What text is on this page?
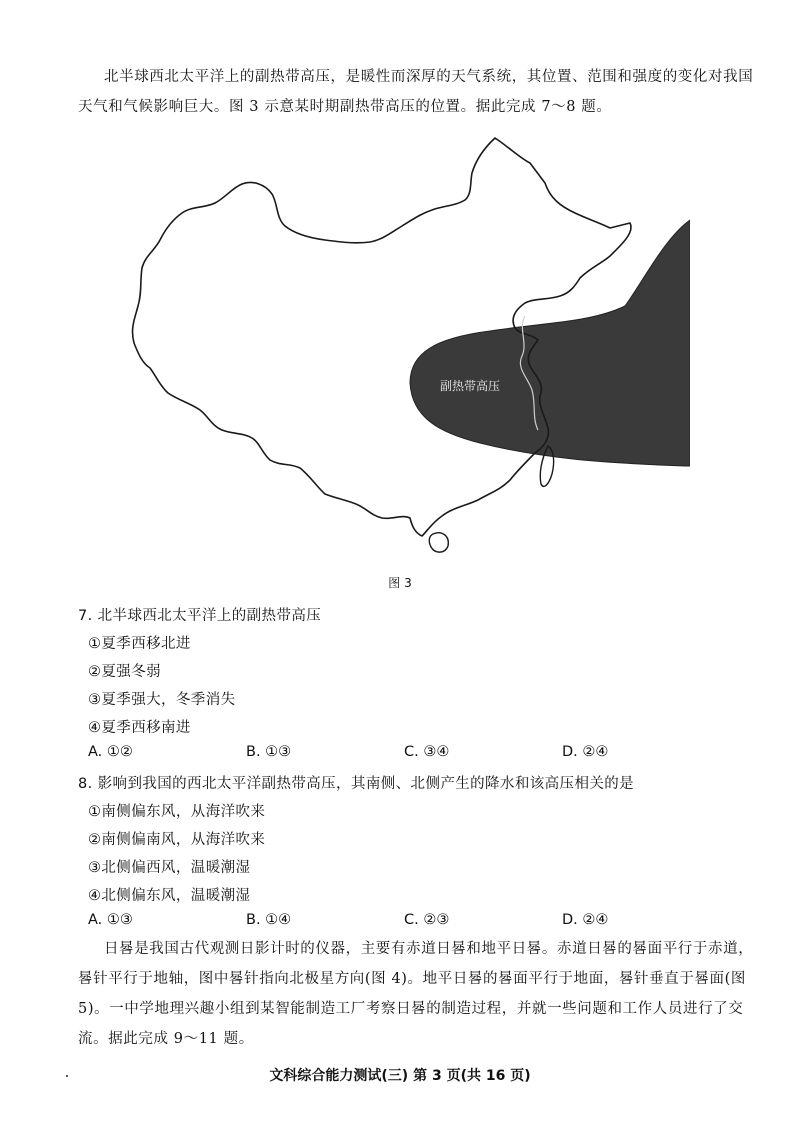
北半球西北太平洋上的副热带高压，是暖性而深厚的天气系统，其位置、范围和强度的变化对我国天气和气候影响巨大。图 3 示意某时期副热带高压的位置。据此完成 7～8 题。

副热带高压
图 3

7. 北半球西北太平洋上的副热带高压

①夏季西移北进
②夏强冬弱
③夏季强大，冬季消失
④夏季西移南进
A. ①②	B. ①③	C. ③④	D. ②④

8. 影响到我国的西北太平洋副热带高压，其南侧、北侧产生的降水和该高压相关的是

①南侧偏东风，从海洋吹来
②南侧偏南风，从海洋吹来
③北侧偏西风，温暖潮湿
④北侧偏东风，温暖潮湿
A. ①③	B. ①④	C. ②③	D. ②④

日晷是我国古代观测日影计时的仪器，主要有赤道日晷和地平日晷。赤道日晷的晷面平行于赤道，晷针平行于地轴，图中晷针指向北极星方向(图 4)。地平日晷的晷面平行于地面，晷针垂直于晷面(图 5)。一中学地理兴趣小组到某智能制造工厂考察日晷的制造过程，并就一些问题和工作人员进行了交流。据此完成 9～11 题。

文科综合能力测试(三) 第 3 页(共 16 页)
